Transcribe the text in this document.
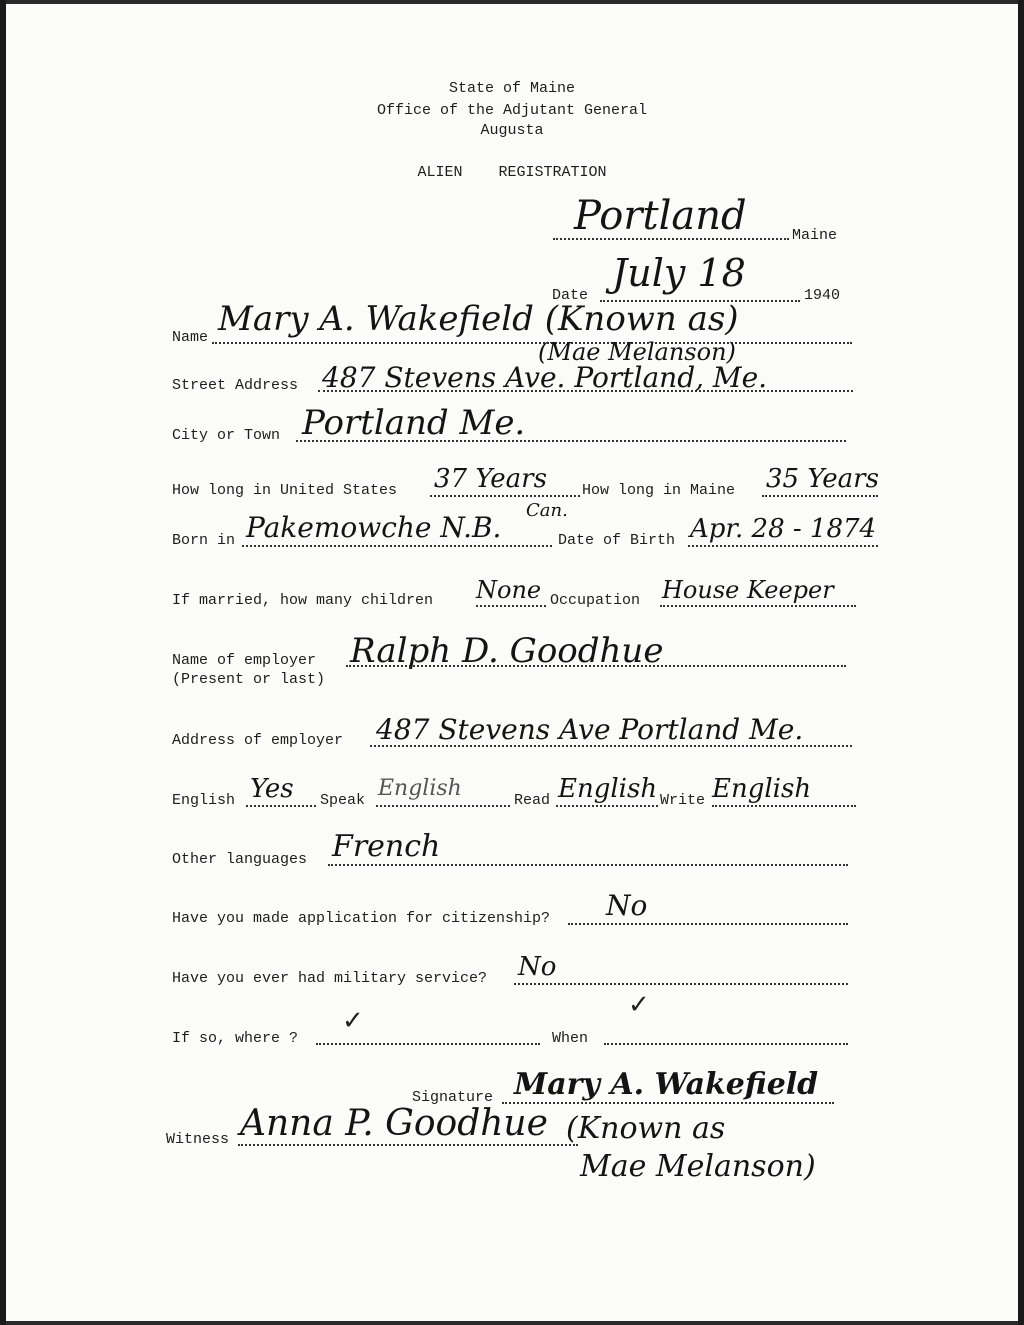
State of Maine
Office of the Adjutant General
Augusta
ALIEN    REGISTRATION
Portland	Maine
Date
July 18
1940
Name Mary A. Wakefield (Known as)
(Mae Melanson)
Street Address 487 Stevens Ave. Portland, Me.
City or Town Portland Me.
How long in United States 37 Years How long in Maine 35 Years
Born in Pakemowche N.B.
Can.
Date of Birth Apr. 28 - 1874
If married, how many children None Occupation House Keeper
Name of employer
(Present or last)
Ralph D. Goodhue
Address of employer 487 Stevens Ave Portland Me.
English Yes Speak English	Read English Write English
Other languages French
Have you made application for citizenship? No
Have you ever had military service? No
If so, where ?
✓
When
✓
Signature Mary A. Wakefield
Witness Anna P. Goodhue (Known as
Mae Melanson)
